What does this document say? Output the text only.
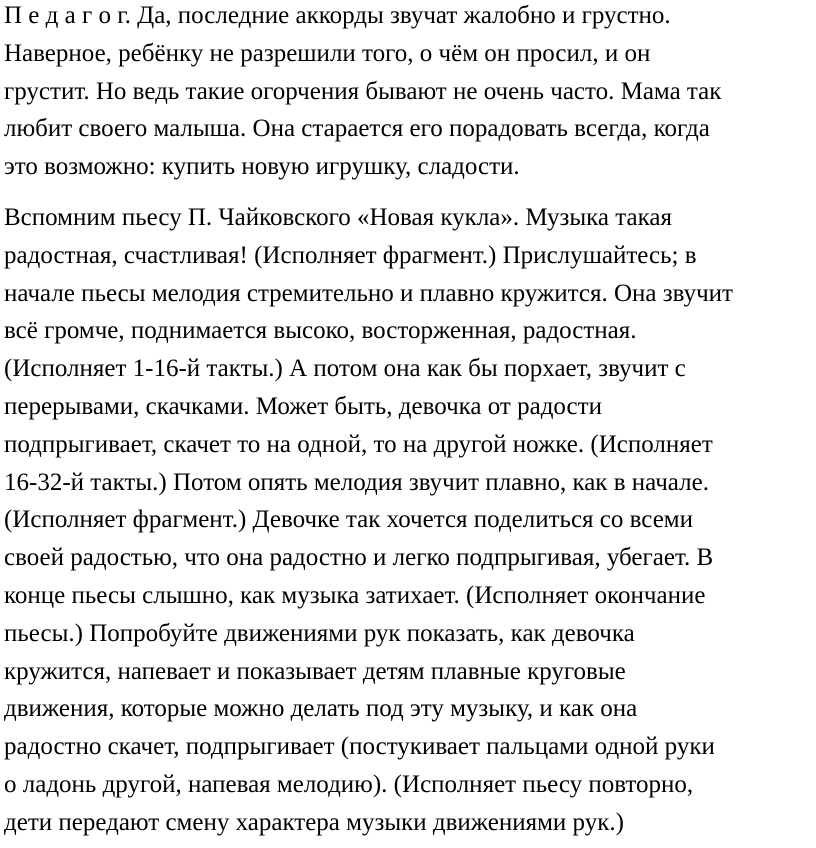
П е д а г о г. Да, последние аккорды звучат жалобно и грустно.
Наверное, ребёнку не разрешили того, о чём он просил, и он
грустит. Но ведь такие огорчения бывают не очень часто. Мама так
любит своего малыша. Она старается его порадовать всегда, когда
это возможно: купить новую игрушку, сладости.

Вспомним пьесу П. Чайковского «Новая кукла». Музыка такая
радостная, счастливая! (Исполняет фрагмент.) Прислушайтесь; в
начале пьесы мелодия стремительно и плавно кружится. Она звучит
всё громче, поднимается высоко, восторженная, радостная.
(Исполняет 1-16-й такты.) А потом она как бы порхает, звучит с
перерывами, скачками. Может быть, девочка от радости
подпрыгивает, скачет то на одной, то на другой ножке. (Исполняет
16-32-й такты.) Потом опять мелодия звучит плавно, как в начале.
(Исполняет фрагмент.) Девочке так хочется поделиться со всеми
своей радостью, что она радостно и легко подпрыгивая, убегает. В
конце пьесы слышно, как музыка затихает. (Исполняет окончание
пьесы.) Попробуйте движениями рук показать, как девочка
кружится, напевает и показывает детям плавные круговые
движения, которые можно делать под эту музыку, и как она
радостно скачет, подпрыгивает (постукивает пальцами одной руки
о ладонь другой, напевая мелодию). (Исполняет пьесу повторно,
дети передают смену характера музыки движениями рук.)
